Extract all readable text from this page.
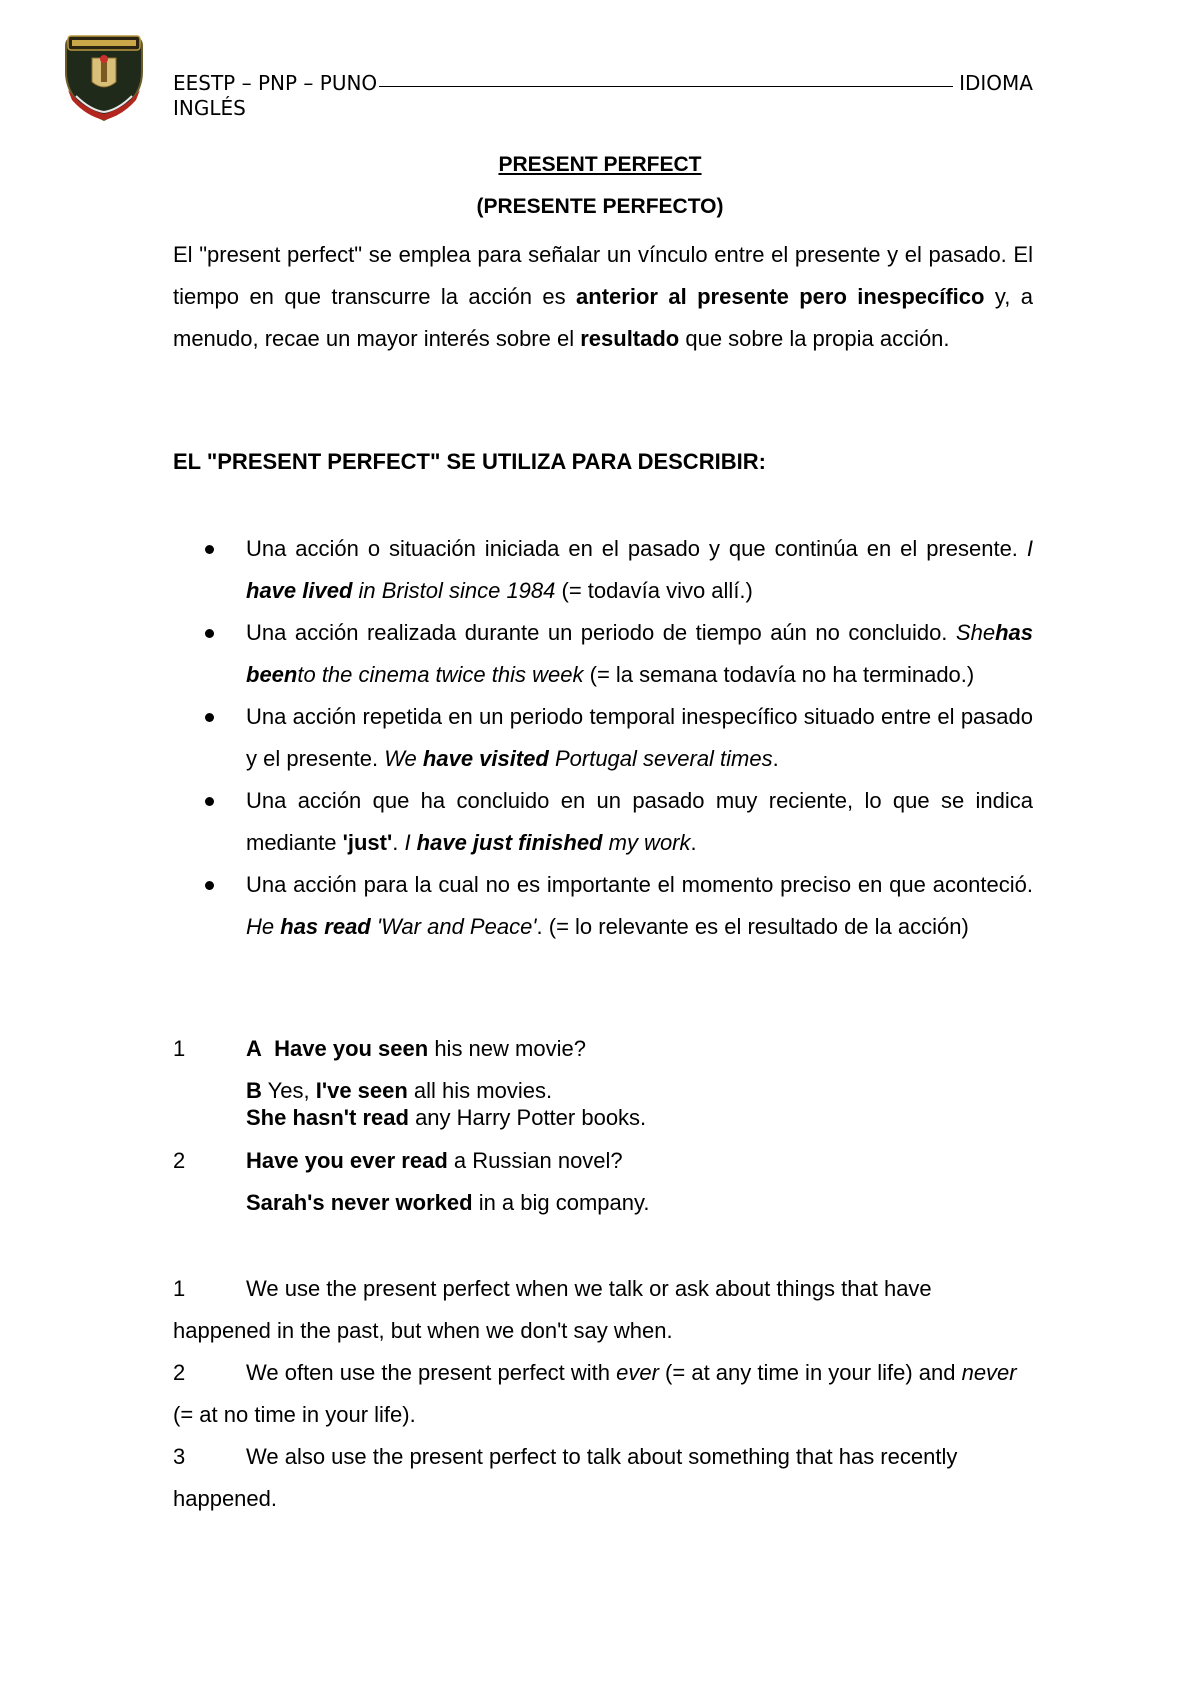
EESTP – PNP – PUNO	IDIOMA
INGLÉS
PRESENT PERFECT
(PRESENTE PERFECTO)
El "present perfect" se emplea para señalar un vínculo entre el presente y el pasado. El tiempo en que transcurre la acción es anterior al presente pero inespecífico y, a menudo, recae un mayor interés sobre el resultado que sobre la propia acción.
EL "PRESENT PERFECT" SE UTILIZA PARA DESCRIBIR:
Una acción o situación iniciada en el pasado y que continúa en el presente. I have lived in Bristol since 1984 (= todavía vivo allí.)
Una acción realizada durante un periodo de tiempo aún no concluido. Shehas beento the cinema twice this week (= la semana todavía no ha terminado.)
Una acción repetida en un periodo temporal inespecífico situado entre el pasado y el presente. We have visited Portugal several times.
Una acción que ha concluido en un pasado muy reciente, lo que se indica mediante 'just'. I have just finished my work.
Una acción para la cual no es importante el momento preciso en que aconteció. He has read 'War and Peace'. (= lo relevante es el resultado de la acción)
1	A Have you seen his new movie?
B Yes, I've seen all his movies.
She hasn't read any Harry Potter books.
2	Have you ever read a Russian novel?
Sarah's never worked in a big company.
1	We use the present perfect when we talk or ask about things that have happened in the past, but when we don't say when.
2	We often use the present perfect with ever (= at any time in your life) and never (= at no time in your life).
3	We also use the present perfect to talk about something that has recently happened.
